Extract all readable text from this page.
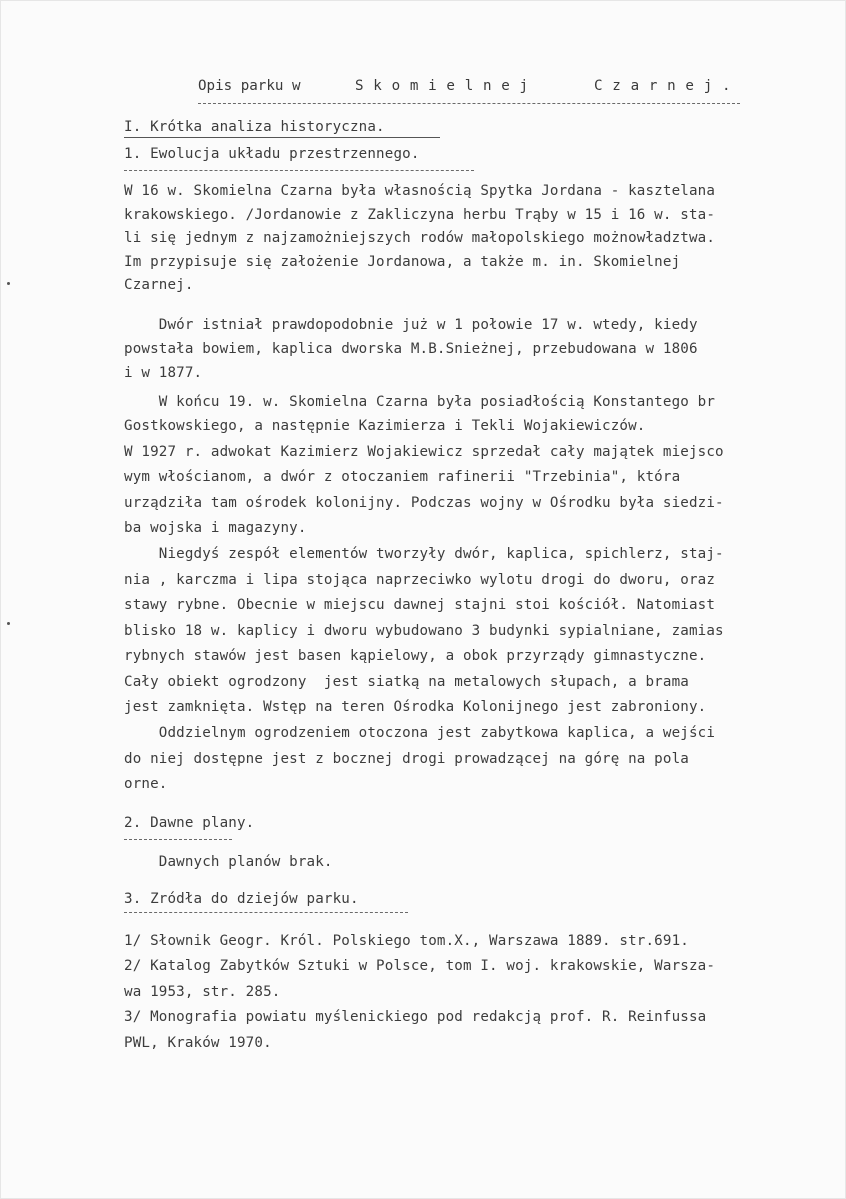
Opis parku w	S k o m i e l n e j	C z a r n e j .
I. Krótka analiza historyczna.
1. Ewolucja układu przestrzennego.
W 16 w. Skomielna Czarna była własnością Spytka Jordana - kasztelana
krakowskiego. /Jordanowie z Zakliczyna herbu Trąby w 15 i 16 w. sta-
li się jednym z najzamożniejszych rodów małopolskiego możnowładztwa.
Im przypisuje się założenie Jordanowa, a także m. in. Skomielnej
Czarnej.
Dwór istniał prawdopodobnie już w 1 połowie 17 w. wtedy, kiedy
powstała bowiem, kaplica dworska M.B.Snieżnej, przebudowana w 1806
i w 1877.
W końcu 19. w. Skomielna Czarna była posiadłością Konstantego br
Gostkowskiego, a następnie Kazimierza i Tekli Wojakiewiczów.
W 1927 r. adwokat Kazimierz Wojakiewicz sprzedał cały majątek miejsco
wym włościanom, a dwór z otoczaniem rafinerii "Trzebinia", która
urządziła tam ośrodek kolonijny. Podczas wojny w Ośrodku była siedzi-
ba wojska i magazyny.
Niegdyś zespół elementów tworzyły dwór, kaplica, spichlerz, staj-
nia , karczma i lipa stojąca naprzeciwko wylotu drogi do dworu, oraz
stawy rybne. Obecnie w miejscu dawnej stajni stoi kościół. Natomiast
blisko 18 w. kaplicy i dworu wybudowano 3 budynki sypialniane, zamias
rybnych stawów jest basen kąpielowy, a obok przyrządy gimnastyczne.
Cały obiekt ogrodzony  jest siatką na metalowych słupach, a brama
jest zamknięta. Wstęp na teren Ośrodka Kolonijnego jest zabroniony.
Oddzielnym ogrodzeniem otoczona jest zabytkowa kaplica, a wejści
do niej dostępne jest z bocznej drogi prowadzącej na górę na pola
orne.
2. Dawne plany.
Dawnych planów brak.
3. Zródła do dziejów parku.
1/ Słownik Geogr. Król. Polskiego tom.X., Warszawa 1889. str.691.
2/ Katalog Zabytków Sztuki w Polsce, tom I. woj. krakowskie, Warsza-
wa 1953, str. 285.
3/ Monografia powiatu myślenickiego pod redakcją prof. R. Reinfussa
PWL, Kraków 1970.
